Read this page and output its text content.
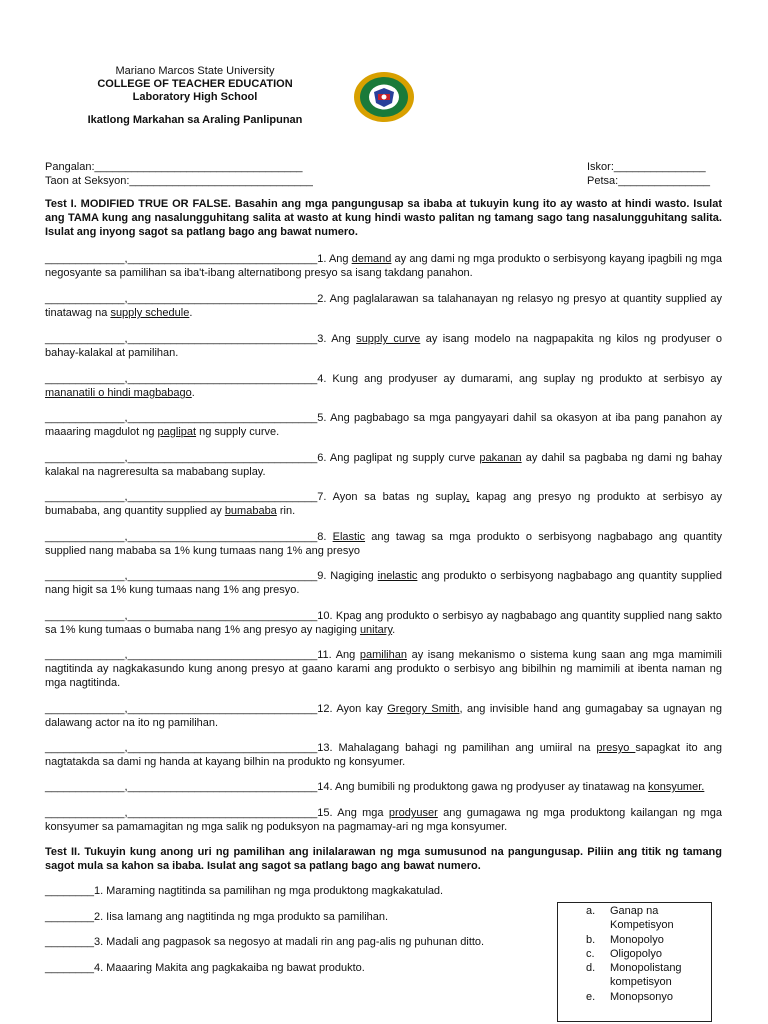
Mariano Marcos State University
COLLEGE OF TEACHER EDUCATION
Laboratory High School
Ikatlong Markahan sa Araling Panlipunan
Pangalan:__________________________________	Iskor:_______________
Taon at Seksyon:______________________________	Petsa:_______________
Test I. MODIFIED TRUE OR FALSE. Basahin ang mga pangungusap sa ibaba at tukuyin kung ito ay wasto at hindi wasto. Isulat ang TAMA kung ang nasalungguhitang salita at wasto at kung hindi wasto palitan ng tamang sago tang nasalungguhitang salita. Isulat ang inyong sagot sa patlang bago ang bawat numero.
_____________,_______________________________1. Ang demand ay ang dami ng mga produkto o serbisyong kayang ipagbili ng mga negosyante sa pamilihan sa iba't-ibang alternatibong presyo sa isang takdang panahon.
_____________,_______________________________2. Ang paglalarawan sa talahanayan ng relasyo ng presyo at quantity supplied ay tinatawag na supply schedule.
_____________,_______________________________3. Ang supply curve ay isang modelo na nagpapakita ng kilos ng prodyuser o bahay-kalakal at pamilihan.
_____________,_______________________________4. Kung ang prodyuser ay dumarami, ang suplay ng produkto at serbisyo ay mananatili o hindi magbabago.
_____________,_______________________________5. Ang pagbabago sa mga pangyayari dahil sa okasyon at iba pang panahon ay maaaring magdulot ng paglipat ng supply curve.
_____________,_______________________________6. Ang paglipat ng supply curve pakanan ay dahil sa pagbaba ng dami ng bahay kalakal na nagreresulta sa mababang suplay.
_____________,_______________________________7. Ayon sa batas ng suplay, kapag ang presyo ng produkto at serbisyo ay bumababa, ang quantity supplied ay bumababa rin.
_____________,_______________________________8. Elastic ang tawag sa mga produkto o serbisyong nagbabago ang quantity supplied nang mababa sa 1% kung tumaas nang 1% ang presyo
_____________,_______________________________9. Nagiging inelastic ang produkto o serbisyong nagbabago ang quantity supplied nang higit sa 1% kung tumaas nang 1% ang presyo.
_____________,_______________________________10. Kpag ang produkto o serbisyo ay nagbabago ang quantity supplied nang sakto sa 1% kung tumaas o bumaba nang 1% ang presyo ay nagiging unitary.
_____________,_______________________________11. Ang pamilihan ay isang mekanismo o sistema kung saan ang mga mamimili nagtitinda ay nagkakasundo kung anong presyo at gaano karami ang produkto o serbisyo ang bibilhin ng mamimili at ibenta naman ng mga nagtitinda.
_____________,_______________________________12. Ayon kay Gregory Smith, ang invisible hand ang gumagabay sa ugnayan ng dalawang actor na ito ng pamilihan.
_____________,_______________________________13. Mahalagang bahagi ng pamilihan ang umiiral na presyo sapagkat ito ang nagtatakda sa dami ng handa at kayang bilhin na produkto ng konsyumer.
_____________,_______________________________14. Ang bumibili ng produktong gawa ng prodyuser ay tinatawag na konsyumer.
_____________,_______________________________15. Ang mga prodyuser ang gumagawa ng mga produktong kailangan ng mga konsyumer sa pamamagitan ng mga salik ng poduksyon na pagmamay-ari ng mga konsyumer.
Test II. Tukuyin kung anong uri ng pamilihan ang inilalarawan ng mga sumusunod na pangungusap. Piliin ang titik ng tamang sagot mula sa kahon sa ibaba. Isulat ang sagot sa patlang bago ang bawat numero.
________1. Maraming nagtitinda sa pamilihan ng mga produktong magkakatulad.
________2. Iisa lamang ang nagtitinda ng mga produkto sa pamilihan.
________3. Madali ang pagpasok sa negosyo at madali rin ang pag-alis ng puhunan ditto.
________4. Maaaring Makita ang pagkakaiba ng bawat produkto.
a. Ganap na Kompetisyon
b. Monopolyo
c. Oligopolyo
d. Monopolistang kompetisyon
e. Monopsonyo
